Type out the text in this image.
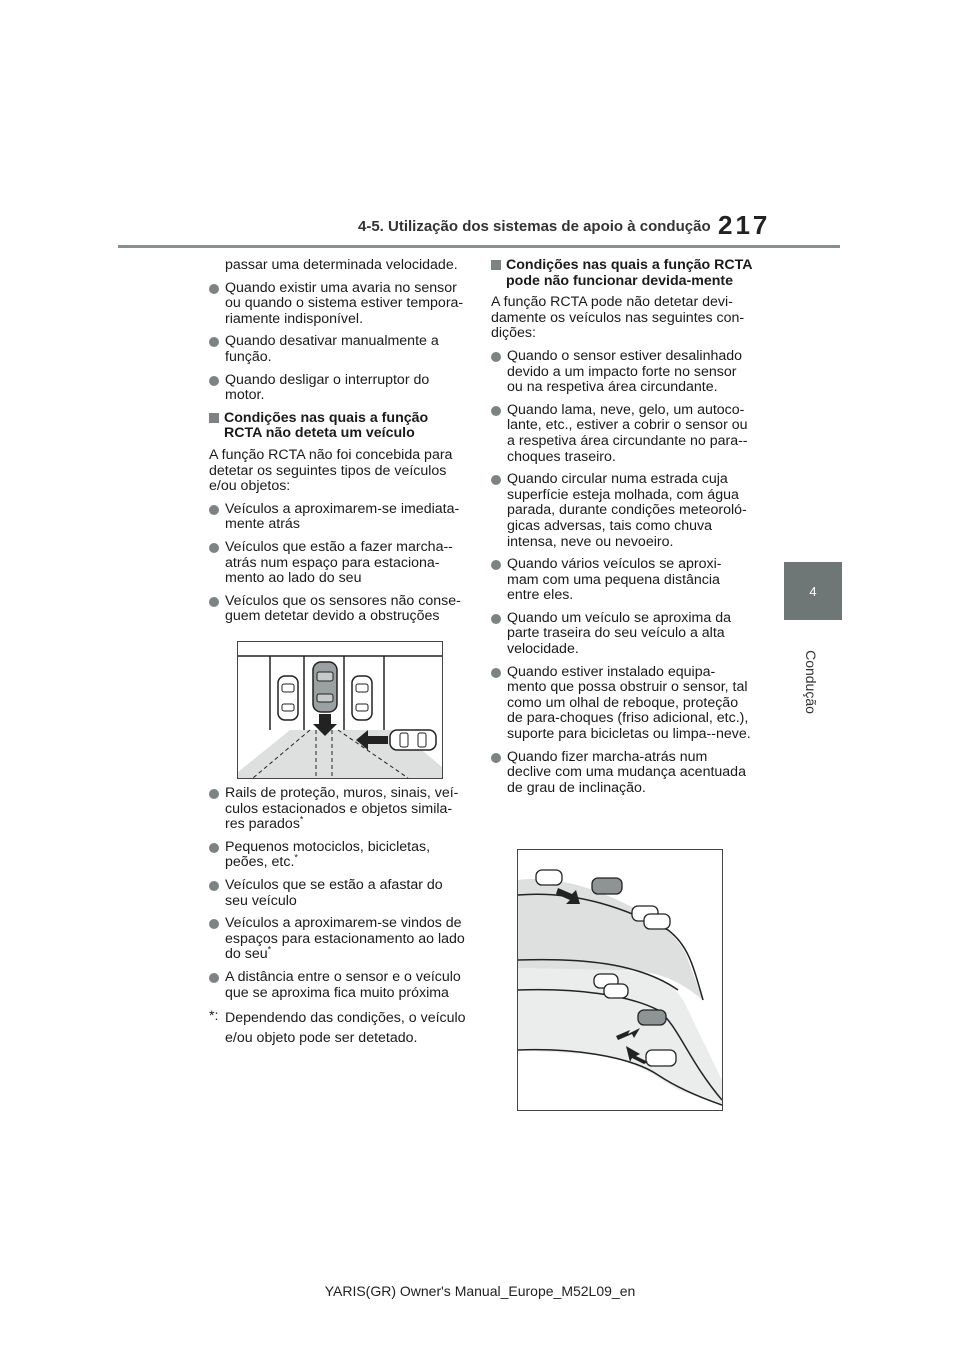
4-5. Utilização dos sistemas de apoio à condução 217
4
Condução

passar uma determinada velocidade.

Quando existir uma avaria no sensor ou quando o sistema estiver tempora-riamente indisponível.
Quando desativar manualmente a função.
Quando desligar o interruptor do motor.
Condições nas quais a função RCTA não deteta um veículo

A função RCTA não foi concebida para detetar os seguintes tipos de veículos e/ou objetos:

Veículos a aproximarem-se imediata-mente atrás
Veículos que estão a fazer marcha--atrás num espaço para estaciona-mento ao lado do seu
Veículos que os sensores não conse-guem detetar devido a obstruções
Rails de proteção, muros, sinais, veí-culos estacionados e objetos simila-res parados*
Pequenos motociclos, bicicletas, peões, etc.*
Veículos que se estão a afastar do seu veículo
Veículos a aproximarem-se vindos de espaços para estacionamento ao lado do seu*
A distância entre o sensor e o veículo que se aproxima fica muito próxima
*: Dependendo das condições, o veículo e/ou objeto pode ser detetado.
Condições nas quais a função RCTA pode não funcionar devida-mente

A função RCTA pode não detetar devi-damente os veículos nas seguintes con-dições:

Quando o sensor estiver desalinhado devido a um impacto forte no sensor ou na respetiva área circundante.
Quando lama, neve, gelo, um autoco-lante, etc., estiver a cobrir o sensor ou a respetiva área circundante no para--choques traseiro.
Quando circular numa estrada cuja superfície esteja molhada, com água parada, durante condições meteoroló-gicas adversas, tais como chuva intensa, neve ou nevoeiro.
Quando vários veículos se aproxi-mam com uma pequena distância entre eles.
Quando um veículo se aproxima da parte traseira do seu veículo a alta velocidade.
Quando estiver instalado equipa-mento que possa obstruir o sensor, tal como um olhal de reboque, proteção de para-choques (friso adicional, etc.), suporte para bicicletas ou limpa--neve.
Quando fizer marcha-atrás num declive com uma mudança acentuada de grau de inclinação.
YARIS(GR) Owner's Manual_Europe_M52L09_en
